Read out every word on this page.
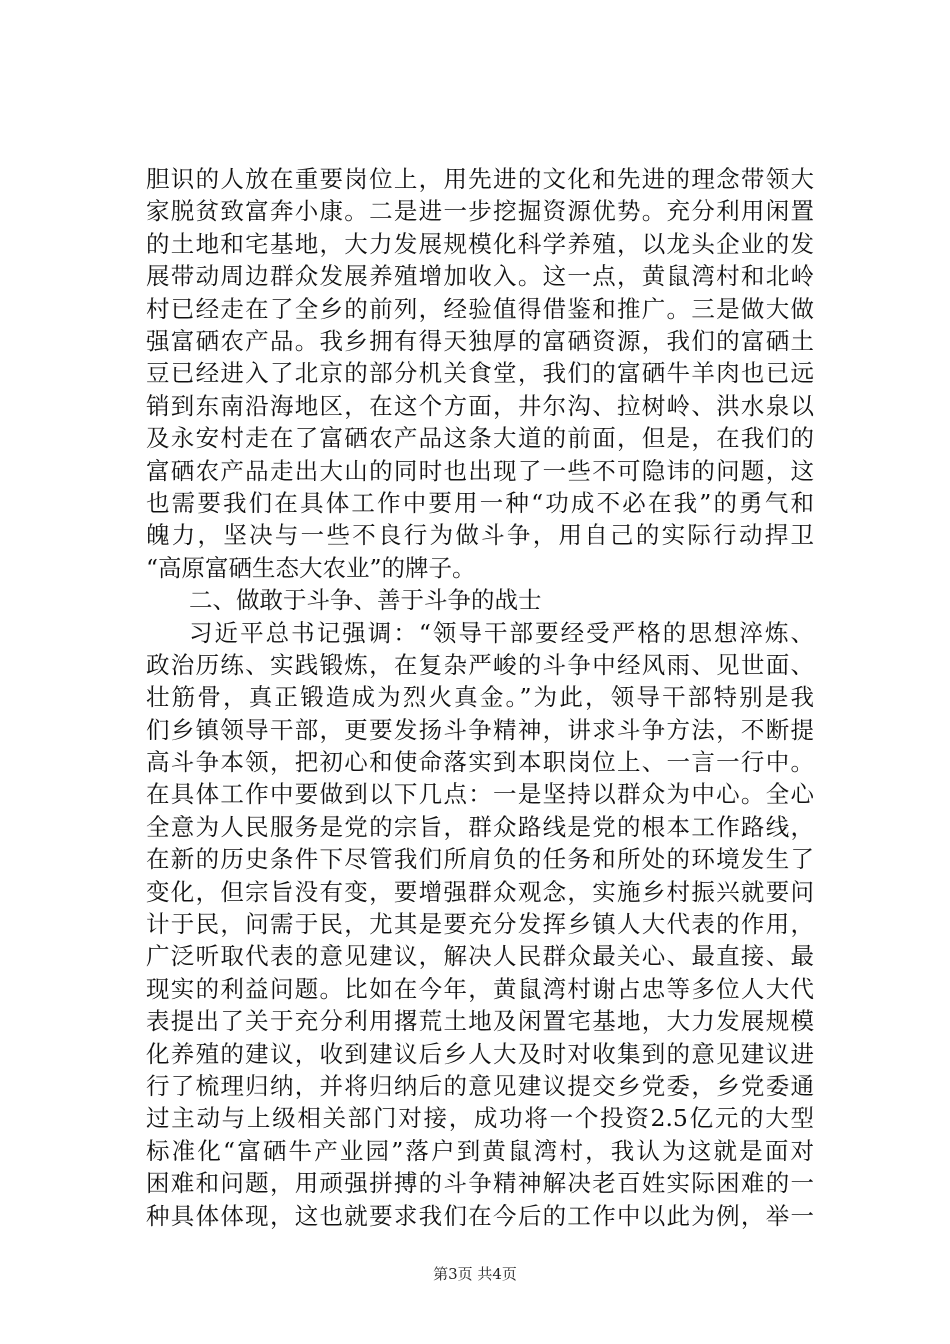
胆识的人放在重要岗位上，用先进的文化和先进的理念带领大
家脱贫致富奔小康。二是进一步挖掘资源优势。充分利用闲置
的土地和宅基地，大力发展规模化科学养殖，以龙头企业的发
展带动周边群众发展养殖增加收入。这一点，黄鼠湾村和北岭
村已经走在了全乡的前列，经验值得借鉴和推广。三是做大做
强富硒农产品。我乡拥有得天独厚的富硒资源，我们的富硒土
豆已经进入了北京的部分机关食堂，我们的富硒牛羊肉也已远
销到东南沿海地区，在这个方面，井尔沟、拉树岭、洪水泉以
及永安村走在了富硒农产品这条大道的前面，但是，在我们的
富硒农产品走出大山的同时也出现了一些不可隐讳的问题，这
也需要我们在具体工作中要用一种“功成不必在我”的勇气和
魄力，坚决与一些不良行为做斗争，用自己的实际行动捍卫
“高原富硒生态大农业”的牌子。
二、做敢于斗争、善于斗争的战士
习近平总书记强调：“领导干部要经受严格的思想淬炼、
政治历练、实践锻炼，在复杂严峻的斗争中经风雨、见世面、
壮筋骨，真正锻造成为烈火真金。”为此，领导干部特别是我
们乡镇领导干部，更要发扬斗争精神，讲求斗争方法，不断提
高斗争本领，把初心和使命落实到本职岗位上、一言一行中。
在具体工作中要做到以下几点：一是坚持以群众为中心。全心
全意为人民服务是党的宗旨，群众路线是党的根本工作路线，
在新的历史条件下尽管我们所肩负的任务和所处的环境发生了
变化，但宗旨没有变，要增强群众观念，实施乡村振兴就要问
计于民，问需于民，尤其是要充分发挥乡镇人大代表的作用，
广泛听取代表的意见建议，解决人民群众最关心、最直接、最
现实的利益问题。比如在今年，黄鼠湾村谢占忠等多位人大代
表提出了关于充分利用撂荒土地及闲置宅基地，大力发展规模
化养殖的建议，收到建议后乡人大及时对收集到的意见建议进
行了梳理归纳，并将归纳后的意见建议提交乡党委，乡党委通
过主动与上级相关部门对接，成功将一个投资2.5亿元的大型
标准化“富硒牛产业园”落户到黄鼠湾村，我认为这就是面对
困难和问题，用顽强拼搏的斗争精神解决老百姓实际困难的一
种具体体现，这也就要求我们在今后的工作中以此为例，举一
第3页 共4页
